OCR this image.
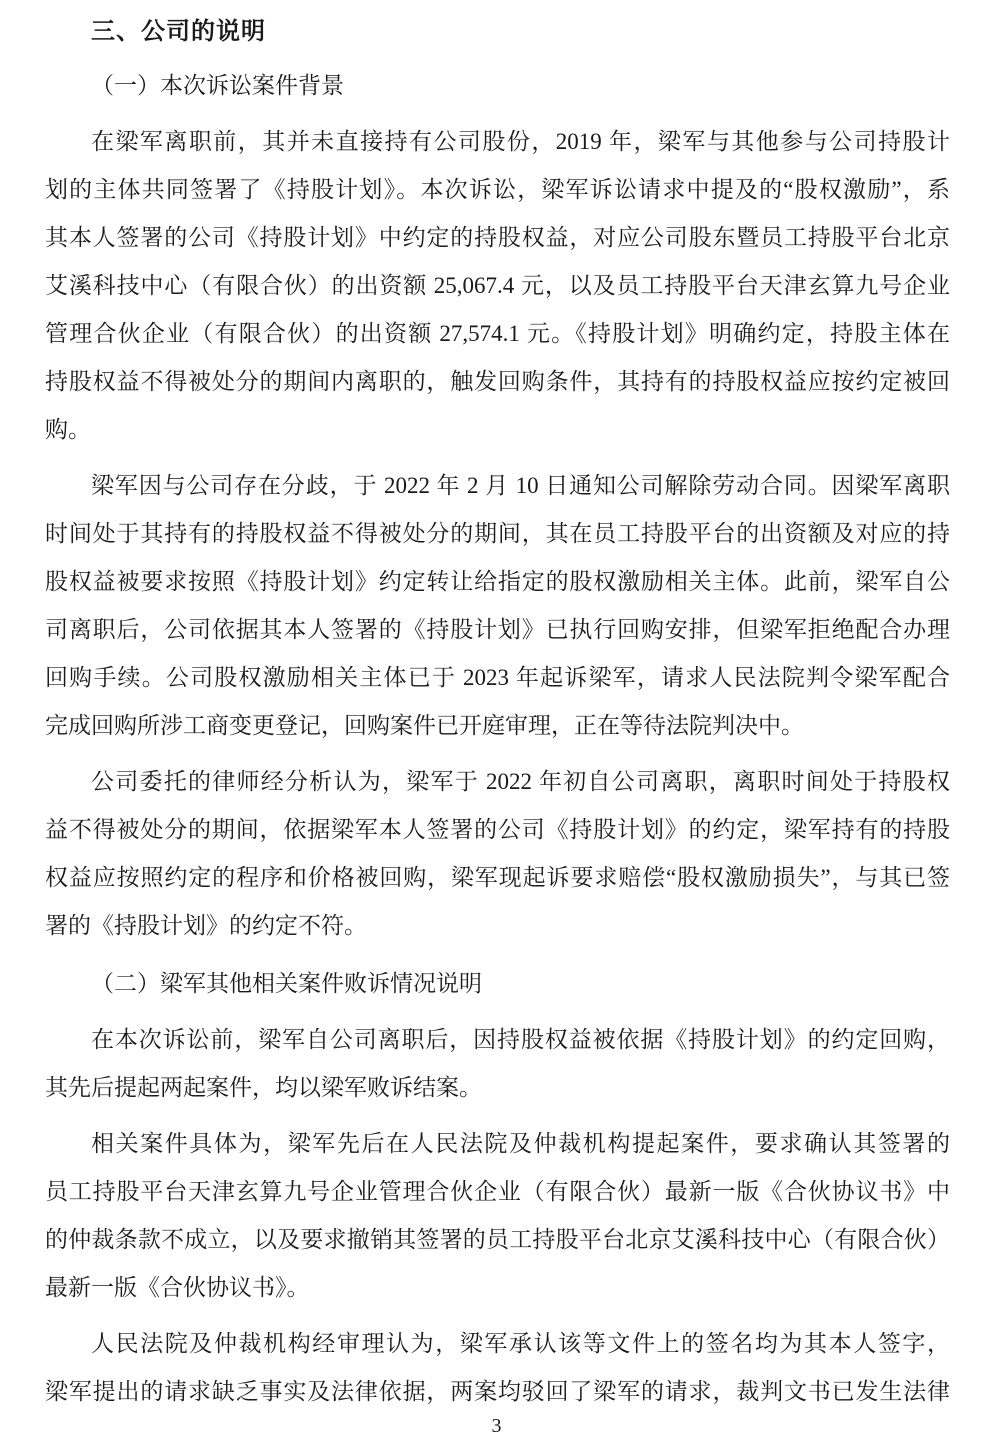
三、公司的说明
（一）本次诉讼案件背景
在梁军离职前，其并未直接持有公司股份，2019 年，梁军与其他参与公司持股计
划的主体共同签署了《持股计划》。本次诉讼，梁军诉讼请求中提及的“股权激励”，系
其本人签署的公司《持股计划》中约定的持股权益，对应公司股东暨员工持股平台北京
艾溪科技中心（有限合伙）的出资额 25,067.4 元，以及员工持股平台天津玄算九号企业
管理合伙企业（有限合伙）的出资额 27,574.1 元。《持股计划》明确约定，持股主体在
持股权益不得被处分的期间内离职的，触发回购条件，其持有的持股权益应按约定被回
购。
梁军因与公司存在分歧，于 2022 年 2 月 10 日通知公司解除劳动合同。因梁军离职
时间处于其持有的持股权益不得被处分的期间，其在员工持股平台的出资额及对应的持
股权益被要求按照《持股计划》约定转让给指定的股权激励相关主体。此前，梁军自公
司离职后，公司依据其本人签署的《持股计划》已执行回购安排，但梁军拒绝配合办理
回购手续。公司股权激励相关主体已于 2023 年起诉梁军，请求人民法院判令梁军配合
完成回购所涉工商变更登记，回购案件已开庭审理，正在等待法院判决中。
公司委托的律师经分析认为，梁军于 2022 年初自公司离职，离职时间处于持股权
益不得被处分的期间，依据梁军本人签署的公司《持股计划》的约定，梁军持有的持股
权益应按照约定的程序和价格被回购，梁军现起诉要求赔偿“股权激励损失”，与其已签
署的《持股计划》的约定不符。
（二）梁军其他相关案件败诉情况说明
在本次诉讼前，梁军自公司离职后，因持股权益被依据《持股计划》的约定回购，
其先后提起两起案件，均以梁军败诉结案。
相关案件具体为，梁军先后在人民法院及仲裁机构提起案件，要求确认其签署的
员工持股平台天津玄算九号企业管理合伙企业（有限合伙）最新一版《合伙协议书》中
的仲裁条款不成立，以及要求撤销其签署的员工持股平台北京艾溪科技中心（有限合伙）
最新一版《合伙协议书》。
人民法院及仲裁机构经审理认为，梁军承认该等文件上的签名均为其本人签字，
梁军提出的请求缺乏事实及法律依据，两案均驳回了梁军的请求，裁判文书已发生法律
3
